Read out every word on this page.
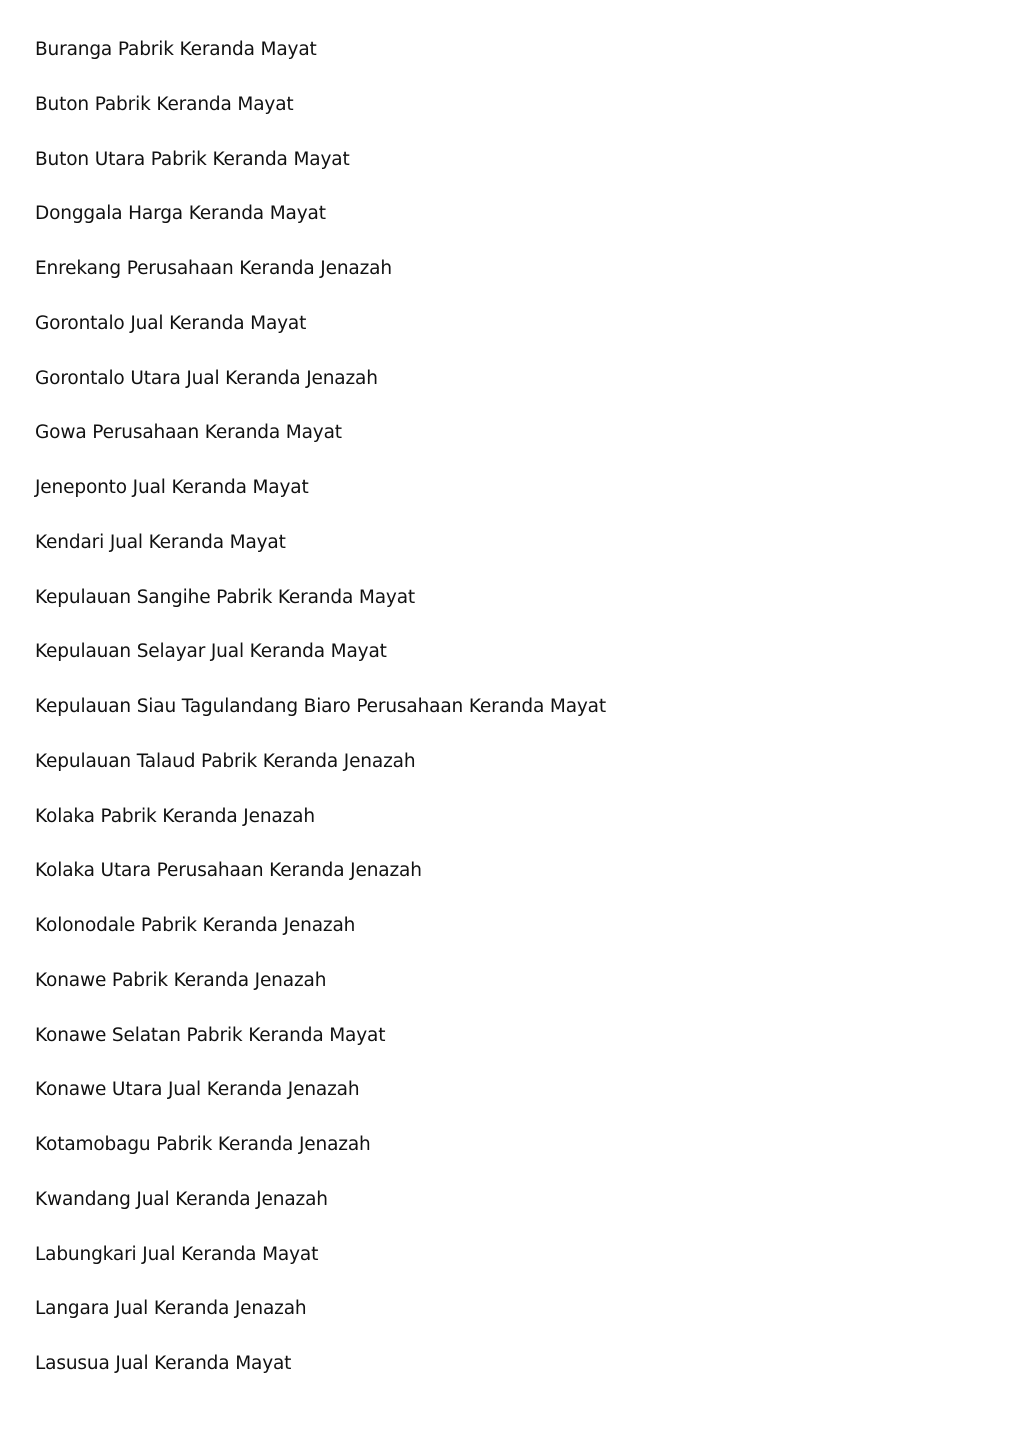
Buranga Pabrik Keranda Mayat
Buton Pabrik Keranda Mayat
Buton Utara Pabrik Keranda Mayat
Donggala Harga Keranda Mayat
Enrekang Perusahaan Keranda Jenazah
Gorontalo Jual Keranda Mayat
Gorontalo Utara Jual Keranda Jenazah
Gowa Perusahaan Keranda Mayat
Jeneponto Jual Keranda Mayat
Kendari Jual Keranda Mayat
Kepulauan Sangihe Pabrik Keranda Mayat
Kepulauan Selayar Jual Keranda Mayat
Kepulauan Siau Tagulandang Biaro Perusahaan Keranda Mayat
Kepulauan Talaud Pabrik Keranda Jenazah
Kolaka Pabrik Keranda Jenazah
Kolaka Utara Perusahaan Keranda Jenazah
Kolonodale Pabrik Keranda Jenazah
Konawe Pabrik Keranda Jenazah
Konawe Selatan Pabrik Keranda Mayat
Konawe Utara Jual Keranda Jenazah
Kotamobagu Pabrik Keranda Jenazah
Kwandang Jual Keranda Jenazah
Labungkari Jual Keranda Mayat
Langara Jual Keranda Jenazah
Lasusua Jual Keranda Mayat
